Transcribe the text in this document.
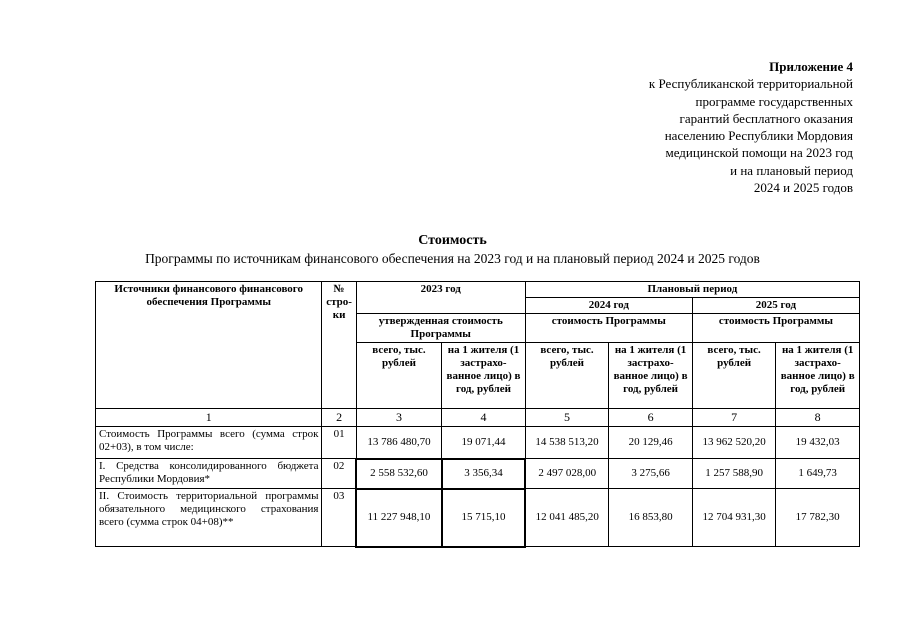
Приложение 4
к Республиканской территориальной
программе государственных
гарантий бесплатного оказания
населению Республики Мордовия
медицинской помощи на 2023 год
и на плановый период
2024 и 2025 годов
Стоимость
Программы по источникам финансового обеспечения на 2023 год и на плановый период 2024 и 2025 годов
Источники финансового финансового обеспечения Программы	№ стро- ки	2023 год		Плановый период			
				2024 год		2025 год	
		утвержденная стоимость Программы		стоимость Программы		стоимость Программы	
		всего, тыс. рублей	на 1 жителя (1 застрахо- ванное лицо) в год, рублей	всего, тыс. рублей	на 1 жителя (1 застрахо- ванное лицо) в год, рублей	всего, тыс. рублей	на 1 жителя (1 застрахо- ванное лицо) в год, рублей
1	2	3	4	5	6	7	8
Стоимость Программы всего (сумма строк 02+03), в том числе:	01	13 786 480,70	19 071,44	14 538 513,20	20 129,46	13 962 520,20	19 432,03
I. Средства консолидированного бюджета Республики Мордовия*	02	2 558 532,60	3 356,34	2 497 028,00	3 275,66	1 257 588,90	1 649,73
II. Стоимость территориальной программы обязательного медицинского страхования всего (сумма строк 04+08)**	03	11 227 948,10	15 715,10	12 041 485,20	16 853,80	12 704 931,30	17 782,30
